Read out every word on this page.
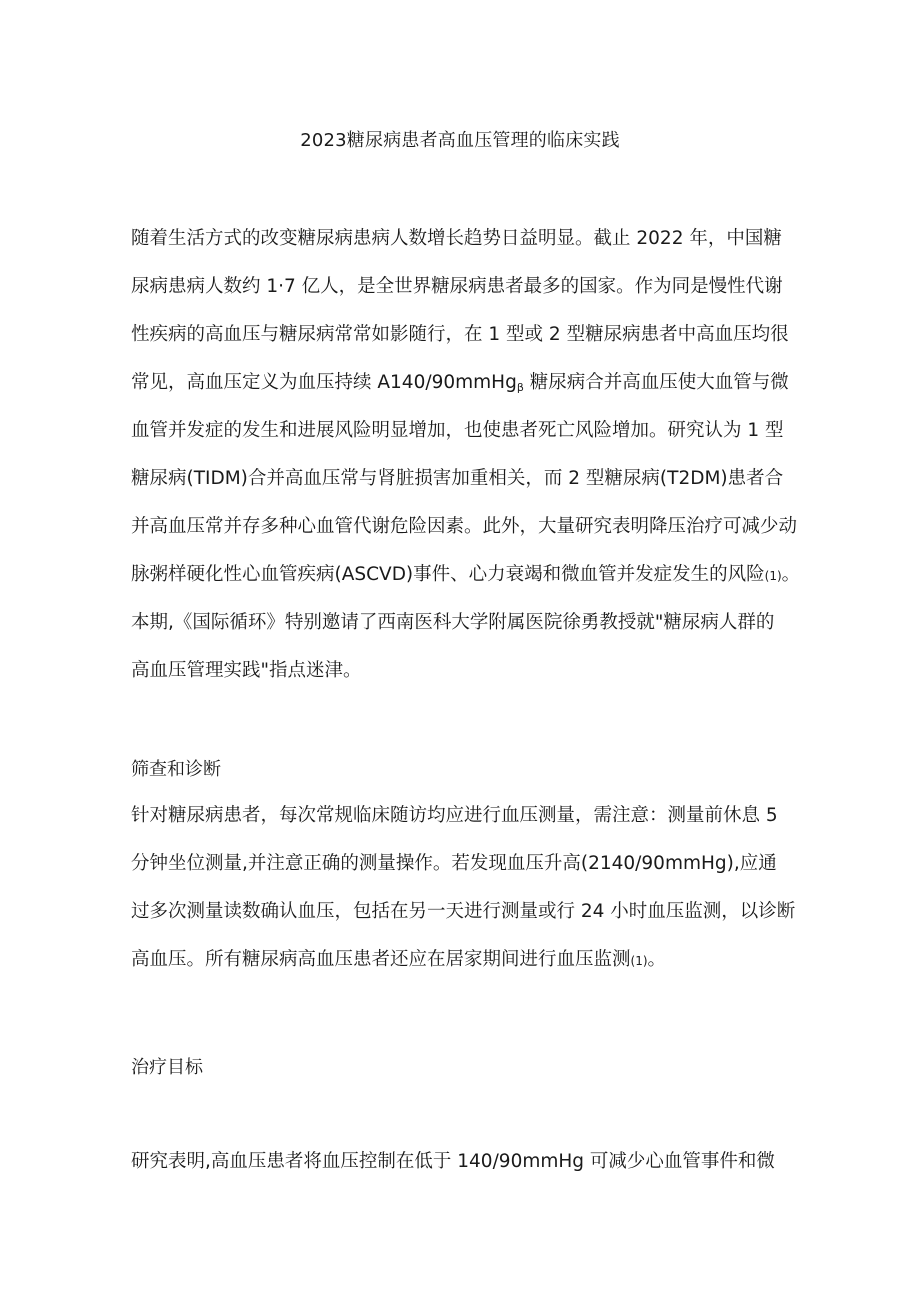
2023糖尿病患者高血压管理的临床实践
随着生活方式的改变糖尿病患病人数增长趋势日益明显。截止 2022 年，中国糖
尿病患病人数约 1·7 亿人，是全世界糖尿病患者最多的国家。作为同是慢性代谢
性疾病的高血压与糖尿病常常如影随行，在 1 型或 2 型糖尿病患者中高血压均很
常见，高血压定义为血压持续 A140/90mmHg$_\beta$ 糖尿病合并高血压使大血管与微
血管并发症的发生和进展风险明显增加，也使患者死亡风险增加。研究认为 1 型
糖尿病(TIDM)合并高血压常与肾脏损害加重相关，而 2 型糖尿病(T2DM)患者合
并高血压常并存多种心血管代谢危险因素。此外，大量研究表明降压治疗可减少动
脉粥样硬化性心血管疾病(ASCVD)事件、心力衰竭和微血管并发症发生的风险(1)。
本期,《国际循环》特别邀请了西南医科大学附属医院徐勇教授就"糖尿病人群的
高血压管理实践"指点迷津。
筛查和诊断
针对糖尿病患者，每次常规临床随访均应进行血压测量，需注意：测量前休息 5
分钟坐位测量,并注意正确的测量操作。若发现血压升高(2140/90mmHg),应通
过多次测量读数确认血压，包括在另一天进行测量或行 24 小时血压监测，以诊断
高血压。所有糖尿病高血压患者还应在居家期间进行血压监测(1)。
治疗目标
研究表明,高血压患者将血压控制在低于 140/90mmHg 可减少心血管事件和微
